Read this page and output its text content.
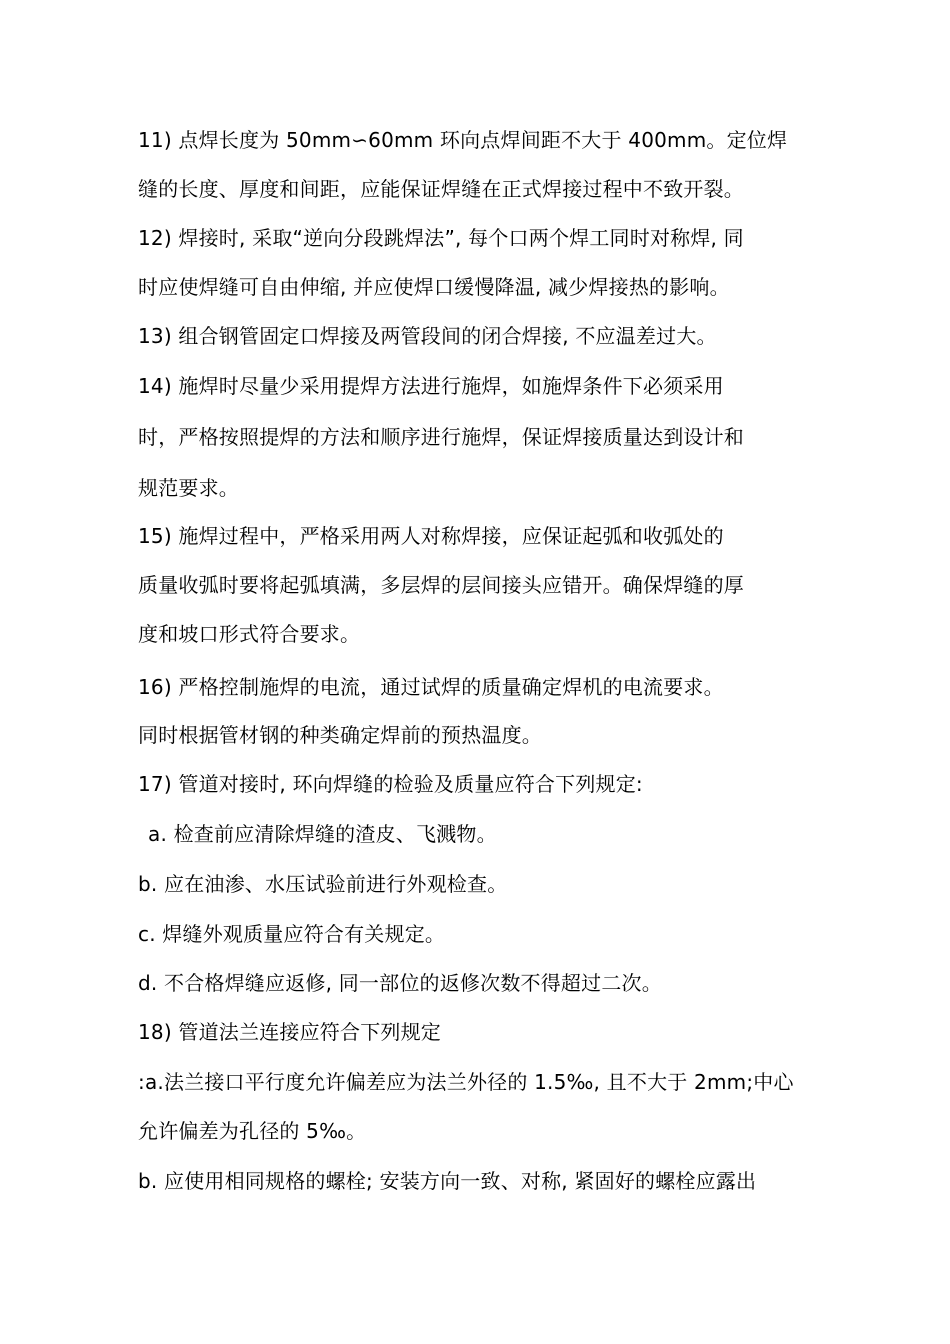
11) 点焊长度为 50mm∽60mm 环向点焊间距不大于 400mm。定位焊
缝的长度、厚度和间距，应能保证焊缝在正式焊接过程中不致开裂。
12) 焊接时, 采取“逆向分段跳焊法”, 每个口两个焊工同时对称焊, 同
时应使焊缝可自由伸缩, 并应使焊口缓慢降温, 减少焊接热的影响。
13) 组合钢管固定口焊接及两管段间的闭合焊接, 不应温差过大。
14) 施焊时尽量少采用提焊方法进行施焊，如施焊条件下必须采用
时，严格按照提焊的方法和顺序进行施焊，保证焊接质量达到设计和
规范要求。
15) 施焊过程中，严格采用两人对称焊接，应保证起弧和收弧处的
质量收弧时要将起弧填满，多层焊的层间接头应错开。确保焊缝的厚
度和坡口形式符合要求。
16) 严格控制施焊的电流，通过试焊的质量确定焊机的电流要求。
同时根据管材钢的种类确定焊前的预热温度。
17) 管道对接时, 环向焊缝的检验及质量应符合下列规定:
a. 检查前应清除焊缝的渣皮、飞溅物。
b. 应在油渗、水压试验前进行外观检查。
c. 焊缝外观质量应符合有关规定。
d. 不合格焊缝应返修, 同一部位的返修次数不得超过二次。
18) 管道法兰连接应符合下列规定
:a.法兰接口平行度允许偏差应为法兰外径的 1.5‰, 且不大于 2mm;中心
允许偏差为孔径的 5‰。
b. 应使用相同规格的螺栓; 安装方向一致、对称, 紧固好的螺栓应露出
